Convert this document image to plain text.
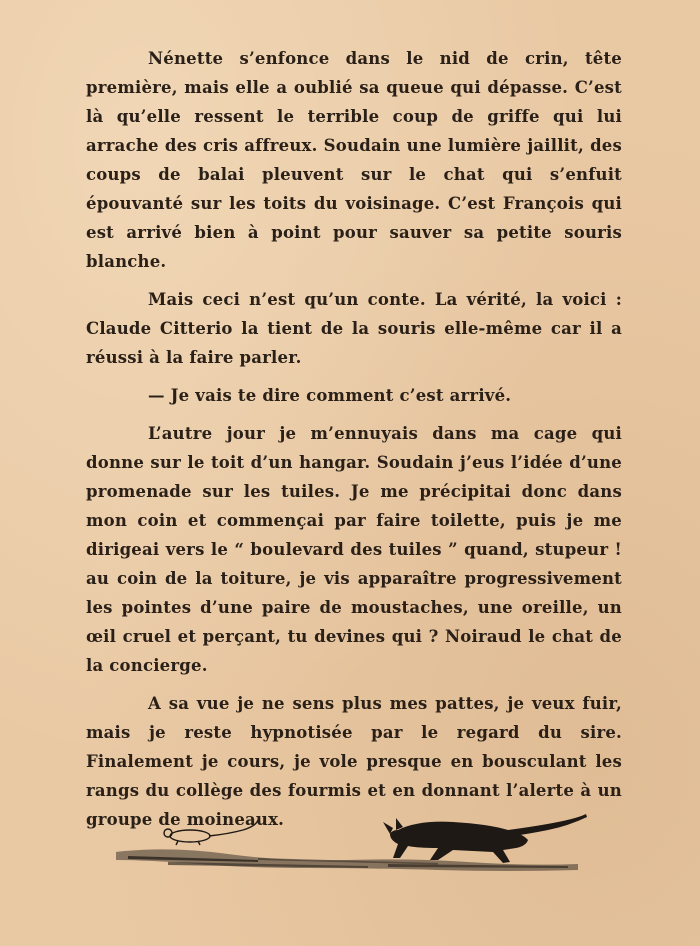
Nénette s’enfonce dans le nid de crin, tête première, mais elle a oublié sa queue qui dépasse. C’est là qu’elle ressent le terrible coup de griffe qui lui arrache des cris affreux. Soudain une lumière jaillit, des coups de balai pleuvent sur le chat qui s’enfuit épouvanté sur les toits du voisinage. C’est François qui est arrivé bien à point pour sauver sa petite souris blanche.

Mais ceci n’est qu’un conte. La vérité, la voici : Claude Citterio la tient de la souris elle-même car il a réussi à la faire parler.

— Je vais te dire comment c’est arrivé.

L’autre jour je m’ennuyais dans ma cage qui donne sur le toit d’un hangar. Soudain j’eus l’idée d’une promenade sur les tuiles. Je me précipitai donc dans mon coin et commençai par faire toilette, puis je me dirigeai vers le “ boulevard des tuiles ” quand, stupeur ! au coin de la toiture, je vis apparaître progressivement les pointes d’une paire de moustaches, une oreille, un œil cruel et perçant, tu devines qui ? Noiraud le chat de la concierge.

A sa vue je ne sens plus mes pattes, je veux fuir, mais je reste hypnotisée par le regard du sire. Finalement je cours, je vole presque en bousculant les rangs du collège des fourmis et en donnant l’alerte à un groupe de moineaux.
